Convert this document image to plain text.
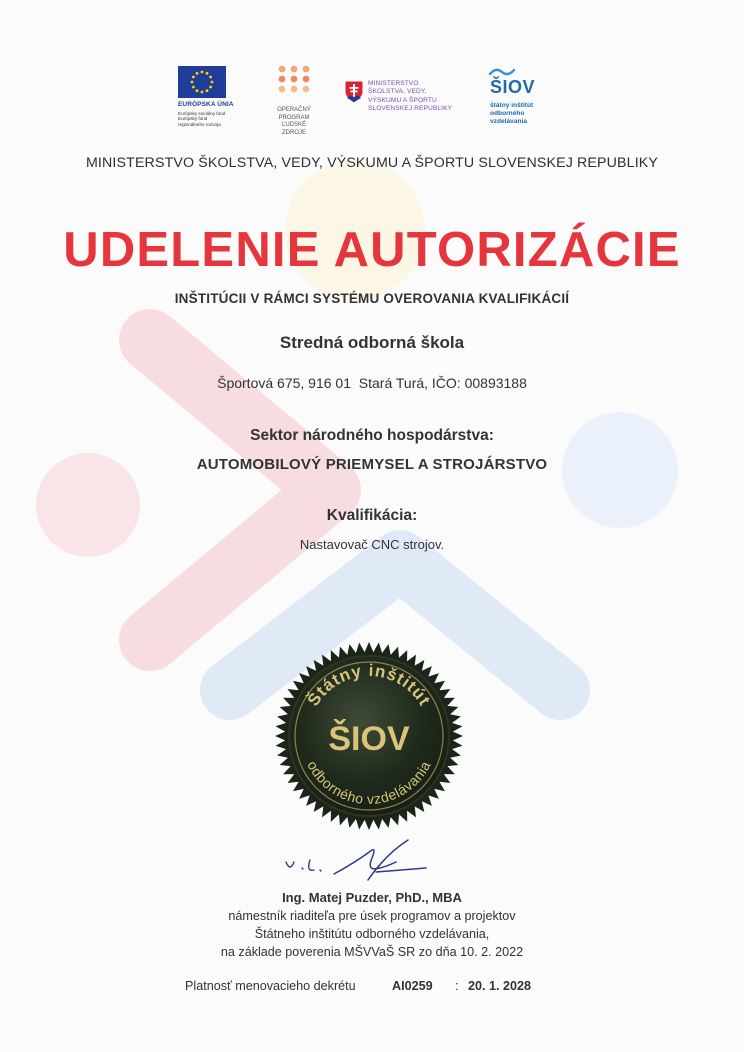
EURÓPSKA ÚNIA
Európsky sociálny fond Európsky fond regionálneho rozvoja
OPERAČNÝ
PROGRAM
ĽUDSKÉ
ZDROJE
MINISTERSTVO
ŠKOLSTVA, VEDY,
VÝSKUMU A ŠPORTU
SLOVENSKEJ REPUBLIKY
ŠIOV
štátny inštitút
odborného
vzdelávania
MINISTERSTVO ŠKOLSTVA, VEDY, VÝSKUMU A ŠPORTU SLOVENSKEJ REPUBLIKY
UDELENIE AUTORIZÁCIE
INŠTITÚCII V RÁMCI SYSTÉMU OVEROVANIA KVALIFIKÁCIÍ
Stredná odborná škola
Športová 675, 916 01  Stará Turá, IČO: 00893188
Sektor národného hospodárstva:
AUTOMOBILOVÝ PRIEMYSEL A STROJÁRSTVO
Kvalifikácia:
Nastavovač CNC strojov.
Štátny inštitút
ŠIOV
odborného vzdelávania
Ing. Matej Puzder, PhD., MBA
námestník riaditeľa pre úsek programov a projektov
Štátneho inštitútu odborného vzdelávania,
na základe poverenia MŠVVaŠ SR zo dňa 10. 2. 2022
Platnosť menovacieho dekrétu	AI0259 : 20. 1. 2028
